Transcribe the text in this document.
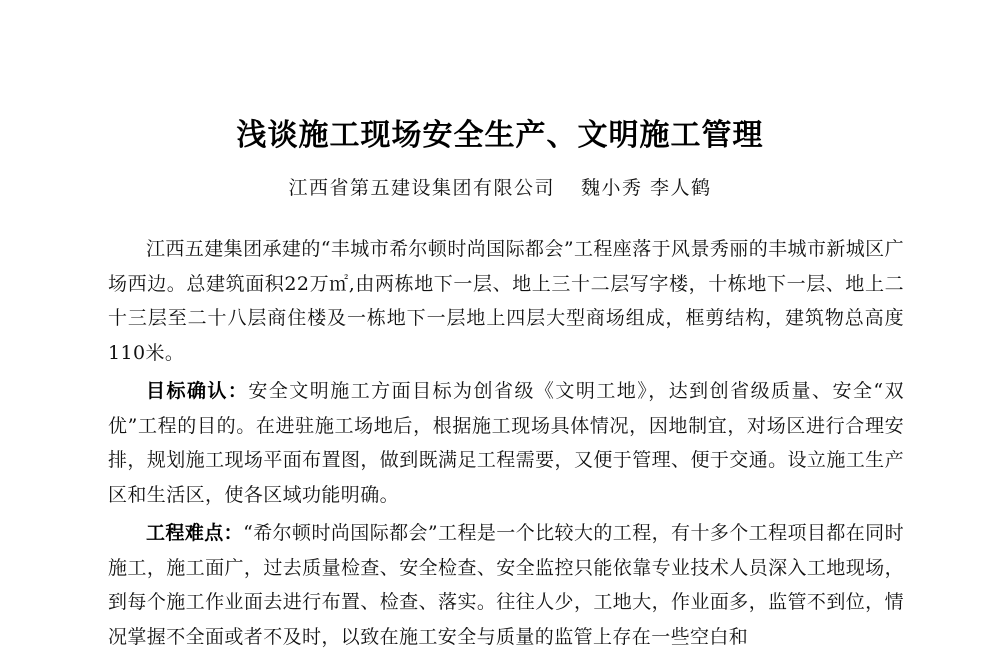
浅谈施工现场安全生产、文明施工管理
江西省第五建设集团有限公司 魏小秀 李人鹤

江西五建集团承建的“丰城市希尔顿时尚国际都会”工程座落于风景秀丽的丰城市新城区广场西边。总建筑面积22万㎡,由两栋地下一层、地上三十二层写字楼，十栋地下一层、地上二十三层至二十八层商住楼及一栋地下一层地上四层大型商场组成，框剪结构，建筑物总高度110米。

目标确认：安全文明施工方面目标为创省级《文明工地》，达到创省级质量、安全“双优”工程的目的。在进驻施工场地后，根据施工现场具体情况，因地制宜，对场区进行合理安排，规划施工现场平面布置图，做到既满足工程需要，又便于管理、便于交通。设立施工生产区和生活区，使各区域功能明确。

工程难点：“希尔顿时尚国际都会”工程是一个比较大的工程，有十多个工程项目都在同时施工，施工面广，过去质量检查、安全检查、安全监控只能依靠专业技术人员深入工地现场，到每个施工作业面去进行布置、检查、落实。往往人少，工地大，作业面多，监管不到位，情况掌握不全面或者不及时，以致在施工安全与质量的监管上存在一些空白和
